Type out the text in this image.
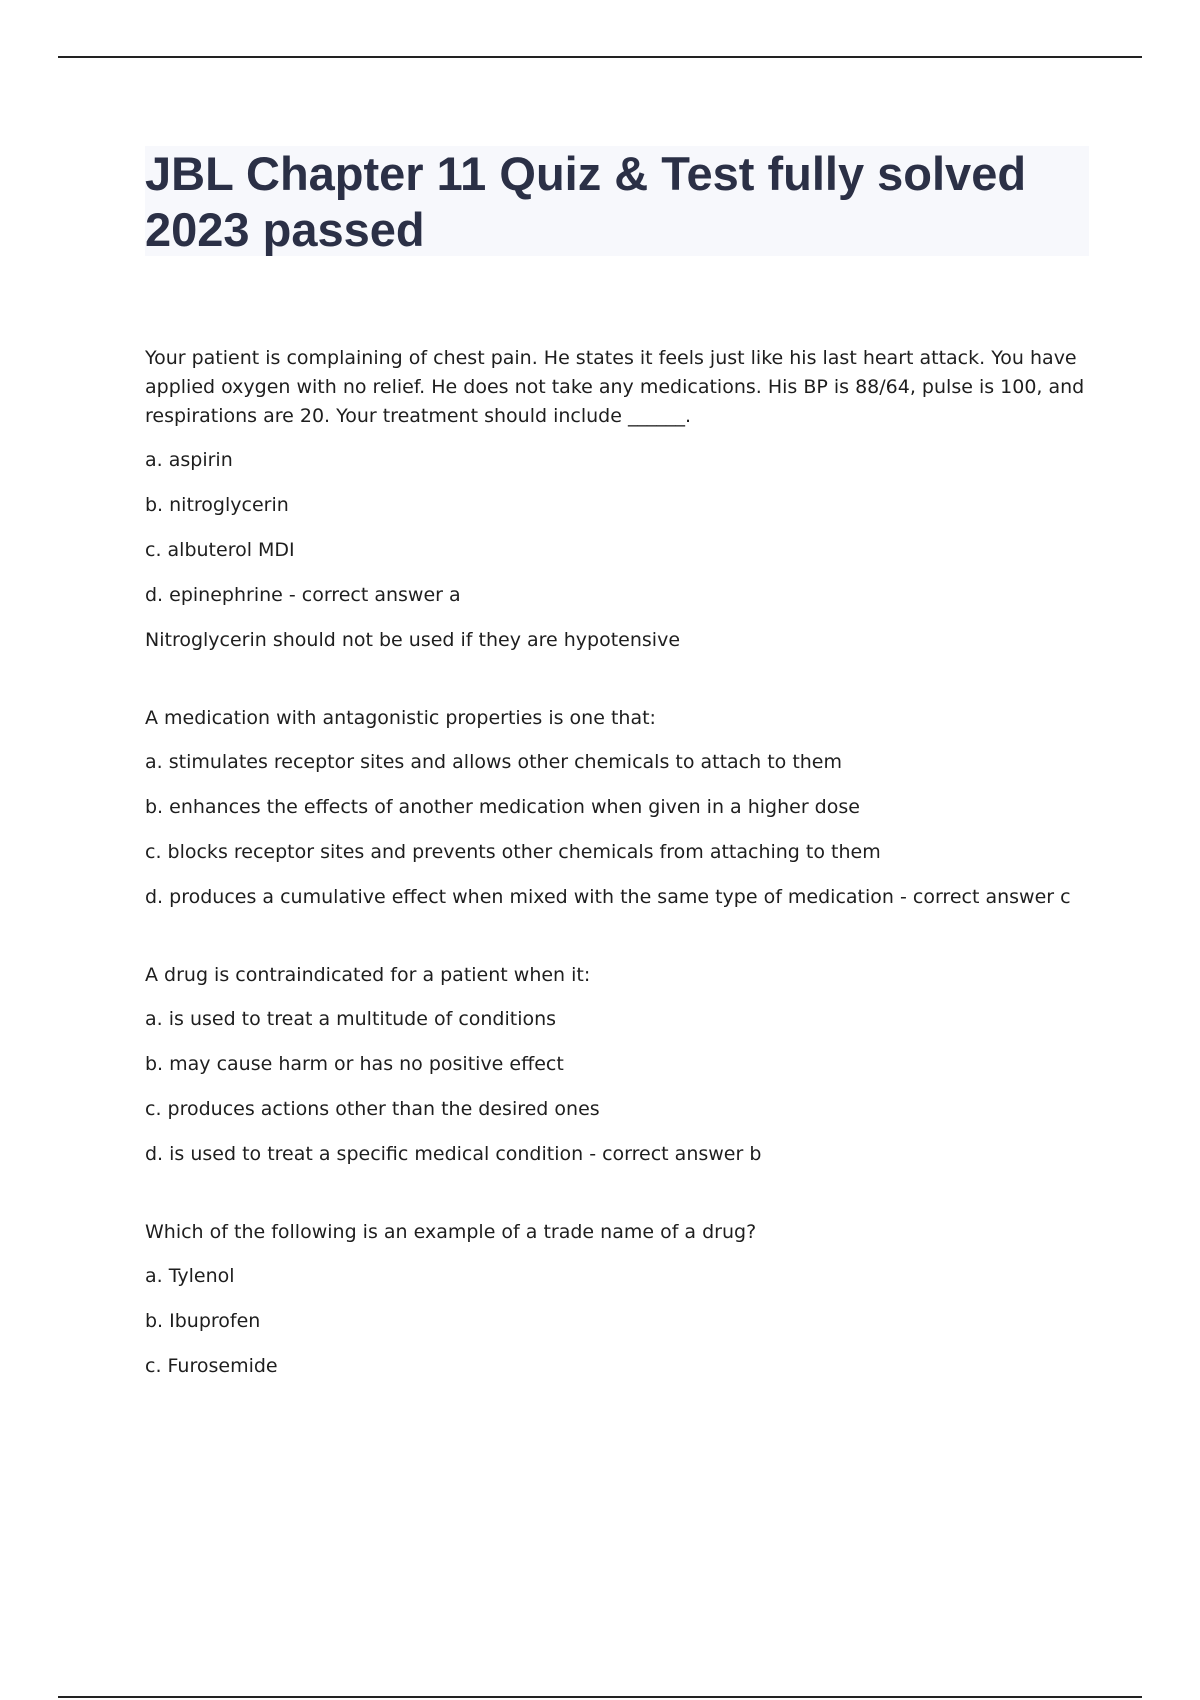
JBL Chapter 11 Quiz & Test fully solved 2023 passed

Your patient is complaining of chest pain. He states it feels just like his last heart attack. You have applied oxygen with no relief. He does not take any medications. His BP is 88/64, pulse is 100, and respirations are 20. Your treatment should include ______.

a. aspirin

b. nitroglycerin

c. albuterol MDI

d. epinephrine - correct answer a

Nitroglycerin should not be used if they are hypotensive

A medication with antagonistic properties is one that:

a. stimulates receptor sites and allows other chemicals to attach to them

b. enhances the effects of another medication when given in a higher dose

c. blocks receptor sites and prevents other chemicals from attaching to them

d. produces a cumulative effect when mixed with the same type of medication - correct answer c

A drug is contraindicated for a patient when it:

a. is used to treat a multitude of conditions

b. may cause harm or has no positive effect

c. produces actions other than the desired ones

d. is used to treat a specific medical condition - correct answer b

Which of the following is an example of a trade name of a drug?

a. Tylenol

b. Ibuprofen

c. Furosemide
